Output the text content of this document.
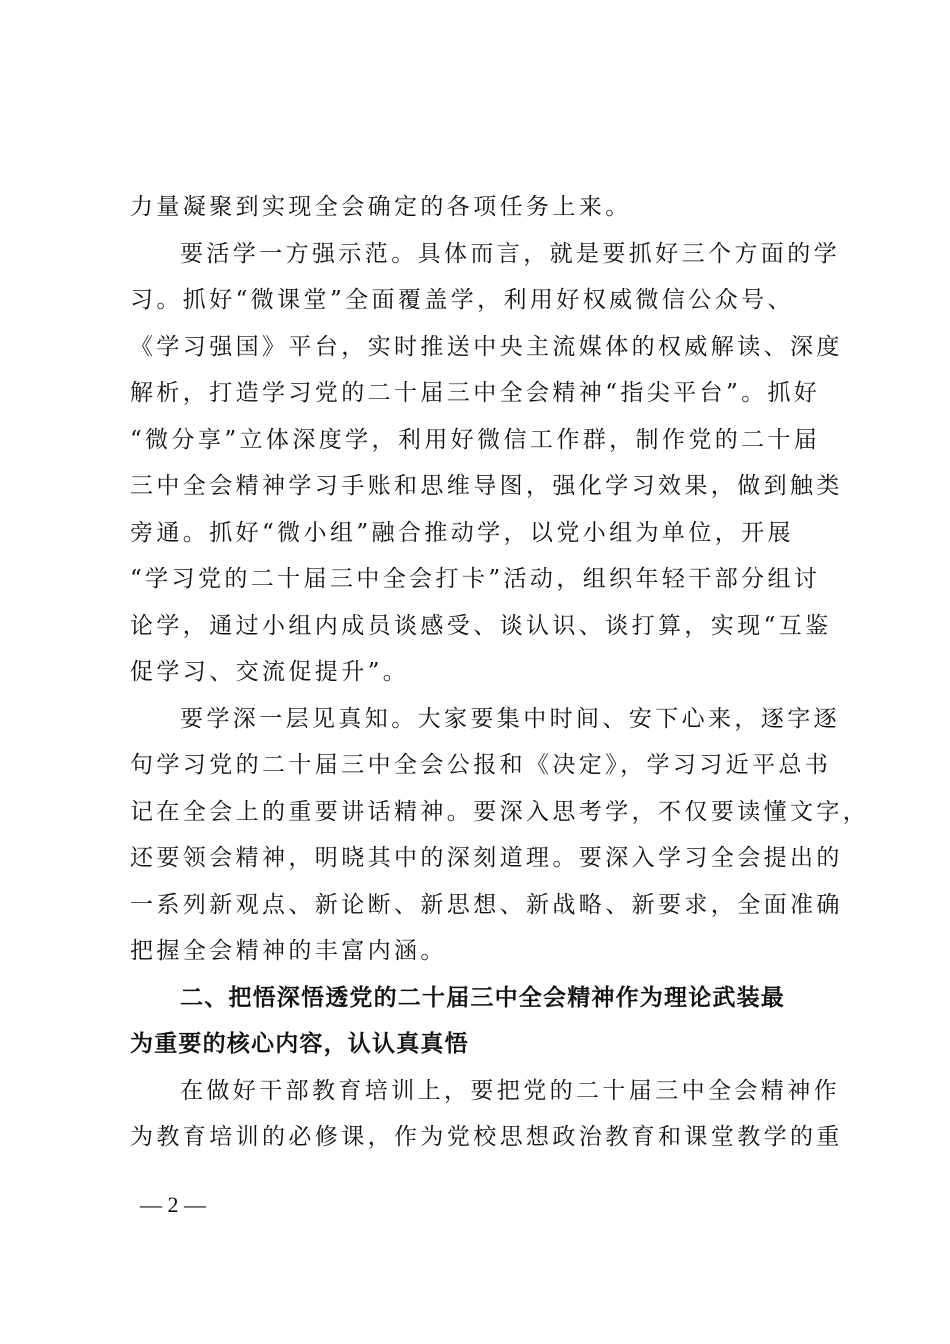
力量凝聚到实现全会确定的各项任务上来。

要活学一方强示范。具体而言，就是要抓好三个方面的学
习。抓好“微课堂”全面覆盖学，利用好权威微信公众号、
《学习强国》平台，实时推送中央主流媒体的权威解读、深度
解析，打造学习党的二十届三中全会精神“指尖平台”。抓好
“微分享”立体深度学，利用好微信工作群，制作党的二十届
三中全会精神学习手账和思维导图，强化学习效果，做到触类
旁通。抓好“微小组”融合推动学，以党小组为单位，开展
“学习党的二十届三中全会打卡”活动，组织年轻干部分组讨
论学，通过小组内成员谈感受、谈认识、谈打算，实现“互鉴
促学习、交流促提升”。

要学深一层见真知。大家要集中时间、安下心来，逐字逐
句学习党的二十届三中全会公报和《决定》，学习习近平总书
记在全会上的重要讲话精神。要深入思考学，不仅要读懂文字，
还要领会精神，明晓其中的深刻道理。要深入学习全会提出的
一系列新观点、新论断、新思想、新战略、新要求，全面准确
把握全会精神的丰富内涵。

二、把悟深悟透党的二十届三中全会精神作为理论武装最
为重要的核心内容，认认真真悟

在做好干部教育培训上，要把党的二十届三中全会精神作
为教育培训的必修课，作为党校思想政治教育和课堂教学的重

— 2 —
